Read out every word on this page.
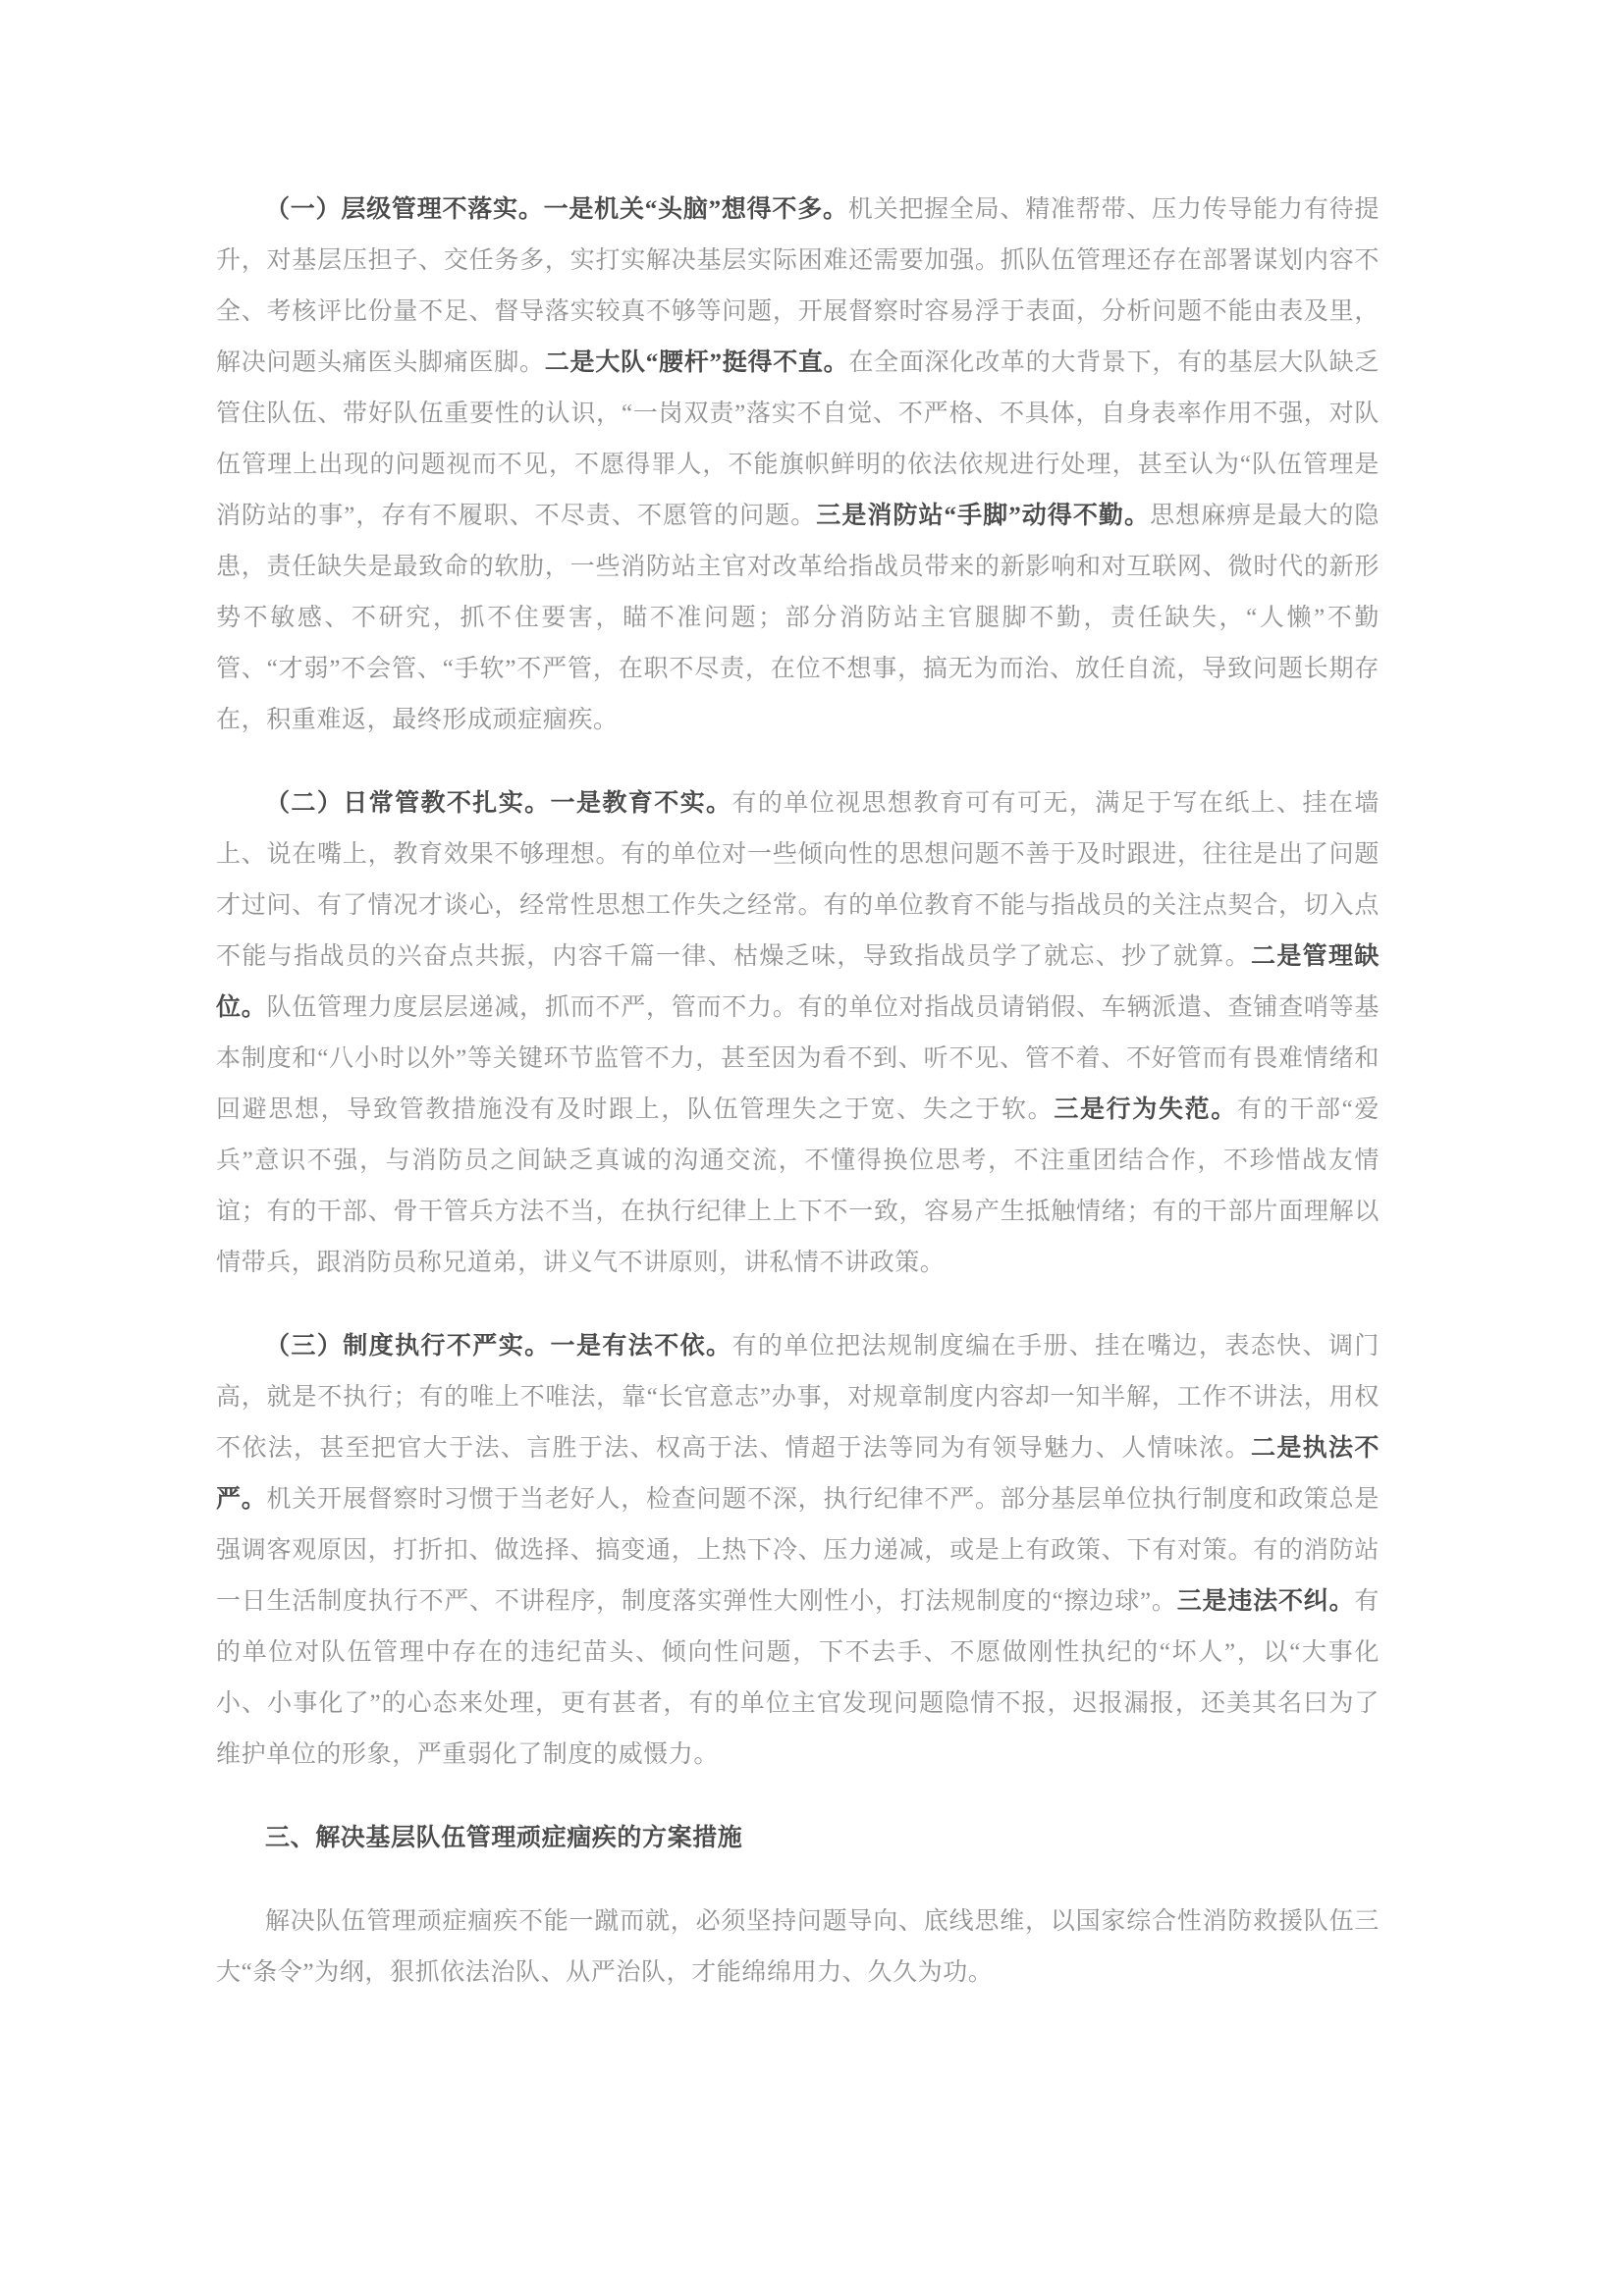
（一）层级管理不落实。一是机关“头脑”想得不多。机关把握全局、精准帮带、压力传导能力有待提升，对基层压担子、交任务多，实打实解决基层实际困难还需要加强。抓队伍管理还存在部署谋划内容不全、考核评比份量不足、督导落实较真不够等问题，开展督察时容易浮于表面，分析问题不能由表及里，解决问题头痛医头脚痛医脚。二是大队“腰杆”挺得不直。在全面深化改革的大背景下，有的基层大队缺乏管住队伍、带好队伍重要性的认识，“一岗双责”落实不自觉、不严格、不具体，自身表率作用不强，对队伍管理上出现的问题视而不见，不愿得罪人，不能旗帜鲜明的依法依规进行处理，甚至认为“队伍管理是消防站的事”，存有不履职、不尽责、不愿管的问题。三是消防站“手脚”动得不勤。思想麻痹是最大的隐患，责任缺失是最致命的软肋，一些消防站主官对改革给指战员带来的新影响和对互联网、微时代的新形势不敏感、不研究，抓不住要害，瞄不准问题；部分消防站主官腿脚不勤，责任缺失，“人懒”不勤管、“才弱”不会管、“手软”不严管，在职不尽责，在位不想事，搞无为而治、放任自流，导致问题长期存在，积重难返，最终形成顽症痼疾。

（二）日常管教不扎实。一是教育不实。有的单位视思想教育可有可无，满足于写在纸上、挂在墙上、说在嘴上，教育效果不够理想。有的单位对一些倾向性的思想问题不善于及时跟进，往往是出了问题才过问、有了情况才谈心，经常性思想工作失之经常。有的单位教育不能与指战员的关注点契合，切入点不能与指战员的兴奋点共振，内容千篇一律、枯燥乏味，导致指战员学了就忘、抄了就算。二是管理缺位。队伍管理力度层层递减，抓而不严，管而不力。有的单位对指战员请销假、车辆派遣、查铺查哨等基本制度和“八小时以外”等关键环节监管不力，甚至因为看不到、听不见、管不着、不好管而有畏难情绪和回避思想，导致管教措施没有及时跟上，队伍管理失之于宽、失之于软。三是行为失范。有的干部“爱兵”意识不强，与消防员之间缺乏真诚的沟通交流，不懂得换位思考，不注重团结合作，不珍惜战友情谊；有的干部、骨干管兵方法不当，在执行纪律上上下不一致，容易产生抵触情绪；有的干部片面理解以情带兵，跟消防员称兄道弟，讲义气不讲原则，讲私情不讲政策。

（三）制度执行不严实。一是有法不依。有的单位把法规制度编在手册、挂在嘴边，表态快、调门高，就是不执行；有的唯上不唯法，靠“长官意志”办事，对规章制度内容却一知半解，工作不讲法，用权不依法，甚至把官大于法、言胜于法、权高于法、情超于法等同为有领导魅力、人情味浓。二是执法不严。机关开展督察时习惯于当老好人，检查问题不深，执行纪律不严。部分基层单位执行制度和政策总是强调客观原因，打折扣、做选择、搞变通，上热下冷、压力递减，或是上有政策、下有对策。有的消防站一日生活制度执行不严、不讲程序，制度落实弹性大刚性小，打法规制度的“擦边球”。三是违法不纠。有的单位对队伍管理中存在的违纪苗头、倾向性问题，下不去手、不愿做刚性执纪的“坏人”，以“大事化小、小事化了”的心态来处理，更有甚者，有的单位主官发现问题隐情不报，迟报漏报，还美其名曰为了维护单位的形象，严重弱化了制度的威慑力。

三、解决基层队伍管理顽症痼疾的方案措施

解决队伍管理顽症痼疾不能一蹴而就，必须坚持问题导向、底线思维，以国家综合性消防救援队伍三大“条令”为纲，狠抓依法治队、从严治队，才能绵绵用力、久久为功。
